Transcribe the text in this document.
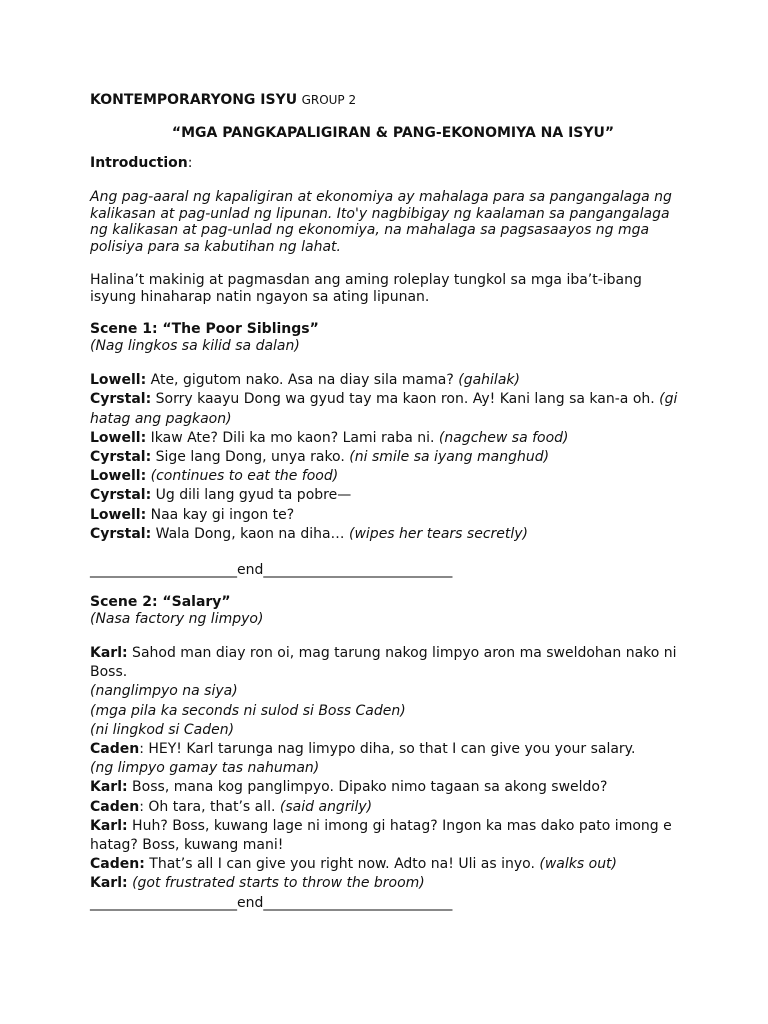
KONTEMPORARYONG ISYU GROUP 2
“MGA PANGKAPALIGIRAN & PANG-EKONOMIYA NA ISYU”
Introduction:

Ang pag-aaral ng kapaligiran at ekonomiya ay mahalaga para sa pangangalaga ng kalikasan at pag-unlad ng lipunan. Ito'y nagbibigay ng kaalaman sa pangangalaga ng kalikasan at pag-unlad ng ekonomiya, na mahalaga sa pagsasaayos ng mga polisiya para sa kabutihan ng lahat.

Halina’t makinig at pagmasdan ang aming roleplay tungkol sa mga iba’t-ibang isyung hinaharap natin ngayon sa ating lipunan.

Scene 1: “The Poor Siblings”
(Nag lingkos sa kilid sa dalan)
Lowell: Ate, gigutom nako. Asa na diay sila mama? (gahilak)
Cyrstal: Sorry kaayu Dong wa gyud tay ma kaon ron. Ay! Kani lang sa kan-a oh. (gi hatag ang pagkaon)
Lowell: Ikaw Ate? Dili ka mo kaon? Lami raba ni. (nagchew sa food)
Cyrstal: Sige lang Dong, unya rako. (ni smile sa iyang manghud)
Lowell: (continues to eat the food)
Cyrstal: Ug dili lang gyud ta pobre—
Lowell: Naa kay gi ingon te?
Cyrstal: Wala Dong, kaon na diha… (wipes her tears secretly)
_____________________end___________________________
Scene 2: “Salary”
(Nasa factory ng limpyo)
Karl: Sahod man diay ron oi, mag tarung nakog limpyo aron ma sweldohan nako ni Boss.
(nanglimpyo na siya)
(mga pila ka seconds ni sulod si Boss Caden)
(ni lingkod si Caden)
Caden: HEY! Karl tarunga nag limypo diha, so that I can give you your salary.
(ng limpyo gamay tas nahuman)
Karl: Boss, mana kog panglimpyo. Dipako nimo tagaan sa akong sweldo?
Caden: Oh tara, that’s all. (said angrily)
Karl: Huh? Boss, kuwang lage ni imong gi hatag? Ingon ka mas dako pato imong e hatag? Boss, kuwang mani!
Caden: That’s all I can give you right now. Adto na! Uli as inyo. (walks out)
Karl: (got frustrated starts to throw the broom)
_____________________end___________________________
